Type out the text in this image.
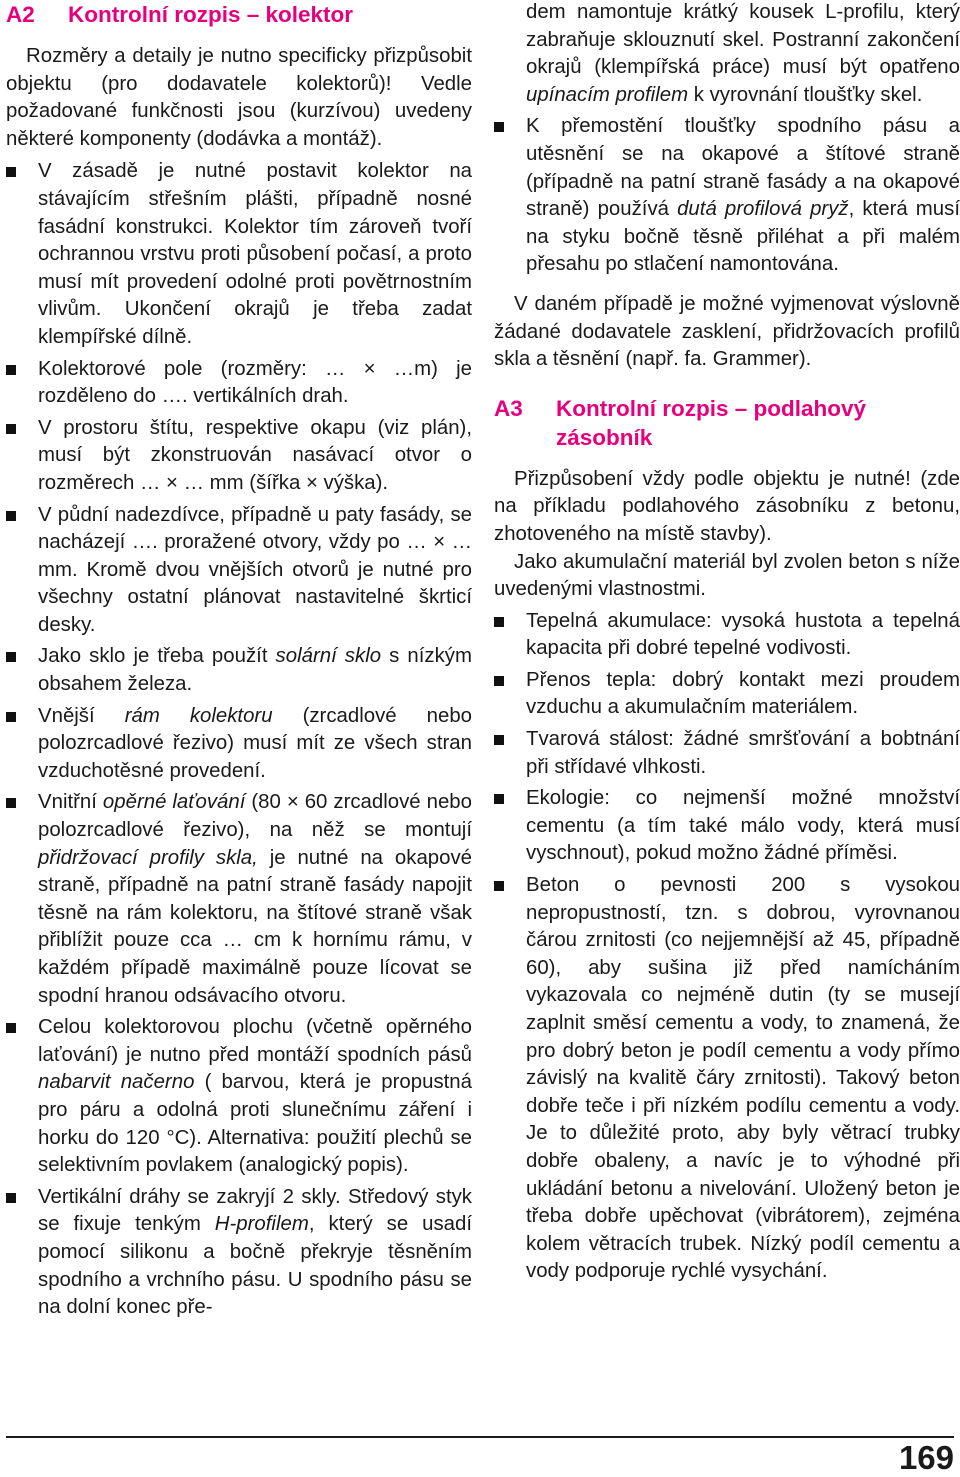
A2	Kontrolní rozpis – kolektor

Rozměry a detaily je nutno specificky přizpůsobit objektu (pro dodavatele kolektorů)! Vedle požadované funkčnosti jsou (kurzívou) uvedeny některé komponenty (dodávka a montáž).

V zásadě je nutné postavit kolektor na stávajícím střešním plášti, případně nosné fasádní konstrukci. Kolektor tím zároveň tvoří ochrannou vrstvu proti působení počasí, a proto musí mít provedení odolné proti povětrnostním vlivům. Ukončení okrajů je třeba zadat klempířské dílně.
Kolektorové pole (rozměry: … × …m) je rozděleno do …. vertikálních drah.
V prostoru štítu, respektive okapu (viz plán), musí být zkonstruován nasávací otvor o rozměrech … × … mm (šířka × výška).
V půdní nadezdívce, případně u paty fasády, se nacházejí …. proražené otvory, vždy po … × … mm. Kromě dvou vnějších otvorů je nutné pro všechny ostatní plánovat nastavitelné škrticí desky.
Jako sklo je třeba použít solární sklo s nízkým obsahem železa.
Vnější rám kolektoru (zrcadlové nebo polozrcadlové řezivo) musí mít ze všech stran vzduchotěsné provedení.
Vnitřní opěrné laťování (80 × 60 zrcadlové nebo polozrcadlové řezivo), na něž se montují přidržovací profily skla, je nutné na okapové straně, případně na patní straně fasády napojit těsně na rám kolektoru, na štítové straně však přiblížit pouze cca … cm k hornímu rámu, v každém případě maximálně pouze lícovat se spodní hranou odsávacího otvoru.
Celou kolektorovou plochu (včetně opěrného laťování) je nutno před montáží spodních pásů nabarvit načerno ( barvou, která je propustná pro páru a odolná proti slunečnímu záření i horku do 120 °C). Alternativa: použití plechů se selektivním povlakem (analogický popis).
Vertikální dráhy se zakryjí 2 skly. Středový styk se fixuje tenkým H-profilem, který se usadí pomocí silikonu a bočně překryje těsněním spodního a vrchního pásu. U spodního pásu se na dolní konec pře-

dem namontuje krátký kousek L-profilu, který zabraňuje sklouznutí skel. Postranní zakončení okrajů (klempířská práce) musí být opatřeno upínacím profilem k vyrovnání tloušťky skel.

K přemostění tloušťky spodního pásu a utěsnění se na okapové a štítové straně (případně na patní straně fasády a na okapové straně) používá dutá profilová pryž, která musí na styku bočně těsně přiléhat a při malém přesahu po stlačení namontována.

V daném případě je možné vyjmenovat výslovně žádané dodavatele zasklení, přidržovacích profilů skla a těsnění (např. fa. Grammer).

A3	Kontrolní rozpis – podlahový zásobník

Přizpůsobení vždy podle objektu je nutné! (zde na příkladu podlahového zásobníku z betonu, zhotoveného na místě stavby).

Jako akumulační materiál byl zvolen beton s níže uvedenými vlastnostmi.

Tepelná akumulace: vysoká hustota a tepelná kapacita při dobré tepelné vodivosti.
Přenos tepla: dobrý kontakt mezi proudem vzduchu a akumulačním materiálem.
Tvarová stálost: žádné smršťování a bobtnání při střídavé vlhkosti.
Ekologie: co nejmenší možné množství cementu (a tím také málo vody, která musí vyschnout), pokud možno žádné příměsi.
Beton o pevnosti 200 s vysokou nepropustností, tzn. s dobrou, vyrovnanou čárou zrnitosti (co nejjemnější až 45, případně 60), aby sušina již před namícháním vykazovala co nejméně dutin (ty se musejí zaplnit směsí cementu a vody, to znamená, že pro dobrý beton je podíl cementu a vody přímo závislý na kvalitě čáry zrnitosti). Takový beton dobře teče i při nízkém podílu cementu a vody. Je to důležité proto, aby byly větrací trubky dobře obaleny, a navíc je to výhodné při ukládání betonu a nivelování. Uložený beton je třeba dobře upěchovat (vibrátorem), zejména kolem větracích trubek. Nízký podíl cementu a vody podporuje rychlé vysychání.
169
